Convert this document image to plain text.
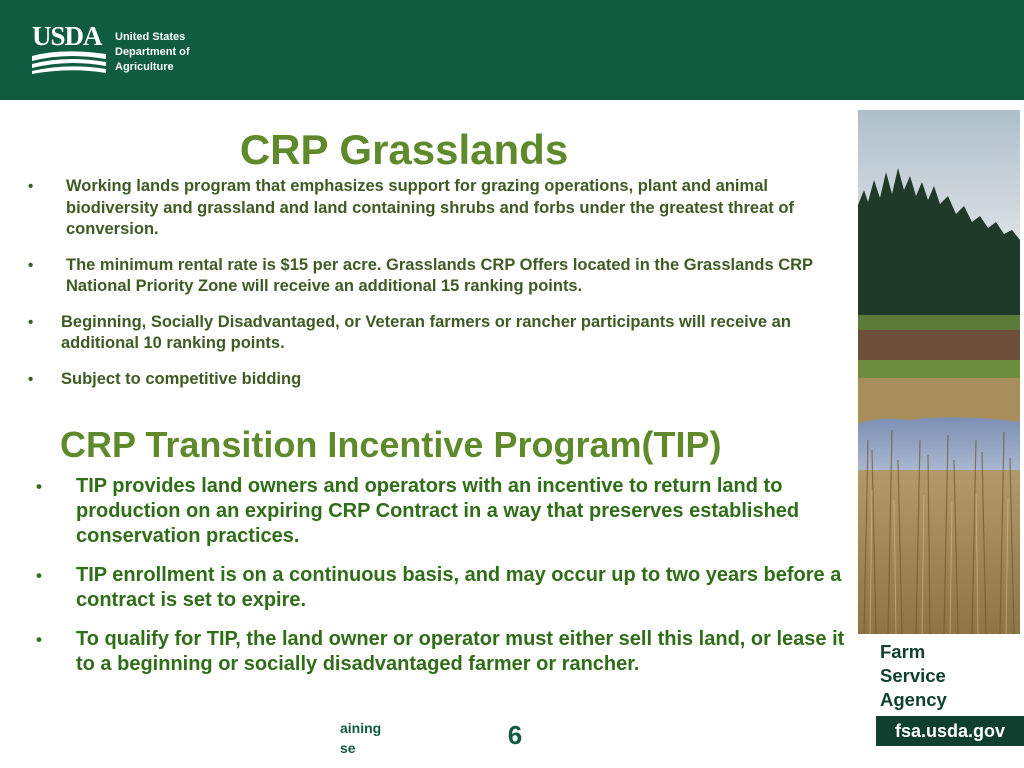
USDA	United States
Department of
Agriculture
CRP Grasslands
• Working lands program that emphasizes support for grazing operations, plant and animal biodiversity and grassland and land containing shrubs and forbs under the greatest threat of conversion.
• The minimum rental rate is $15 per acre. Grasslands CRP Offers located in the Grasslands CRP National Priority Zone will receive an additional 15 ranking points.
• Beginning, Socially Disadvantaged, or Veteran farmers or rancher participants will receive an additional 10 ranking points.
• Subject to competitive bidding
CRP Transition Incentive Program(TIP)
• TIP provides land owners and operators with an incentive to return land to production on an expiring CRP Contract in a way that preserves established conservation practices.
• TIP enrollment is on a continuous basis, and may occur up to two years before a contract is set to expire.
• To qualify for TIP, the land owner or operator must either sell this land, or lease it to a beginning or socially disadvantaged farmer or rancher.
Farm
Service
Agency
fsa.usda.gov
aining
se	6
